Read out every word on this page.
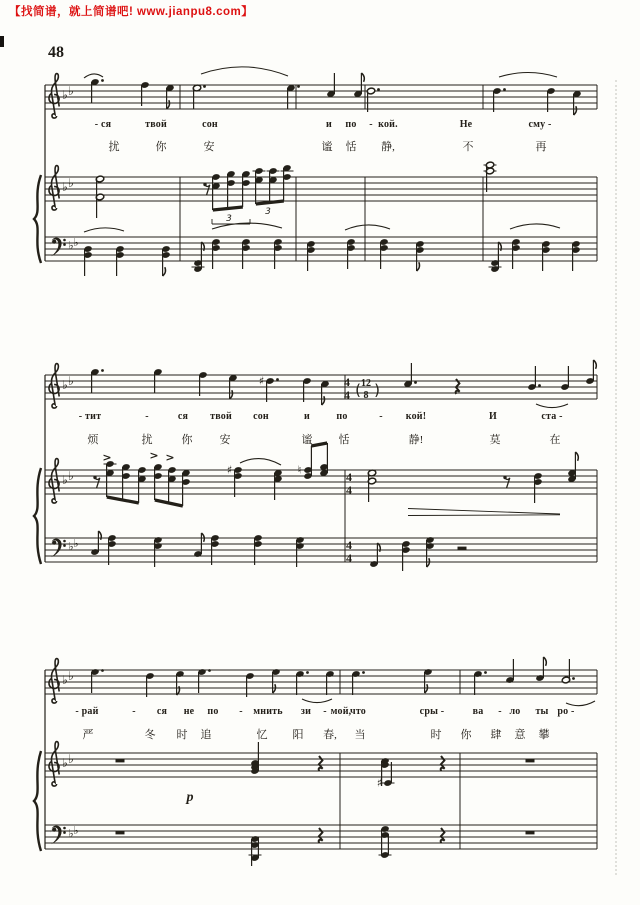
【找简谱，就上简谱吧! www.jianpu8.com】
48
♭ ♭
♭ ♭
♭ ♭
3
3
♭ ♭	♯
♭ ♭	♯	♮
♭ ♭
>	> >
4
4 ( 12
8 )
4
4
4
4
♭ ♭
♭ ♭
♯
♭ ♭
p
- ся	твой	сон	и по - кой.	Не	сму -
扰	你	安	谧 恬 静,	不	再
- тит	-	ся твой сон	и	по	- кой!	И	ста -
烦	扰	你 安	谧 恬	静!	莫	在
- рай	- ся не по - мнить зи - мой,
что	сры -	ва - ло ты ро -
严	冬 时 追	忆 阳 春, 当	时 你 肆 意 攀
